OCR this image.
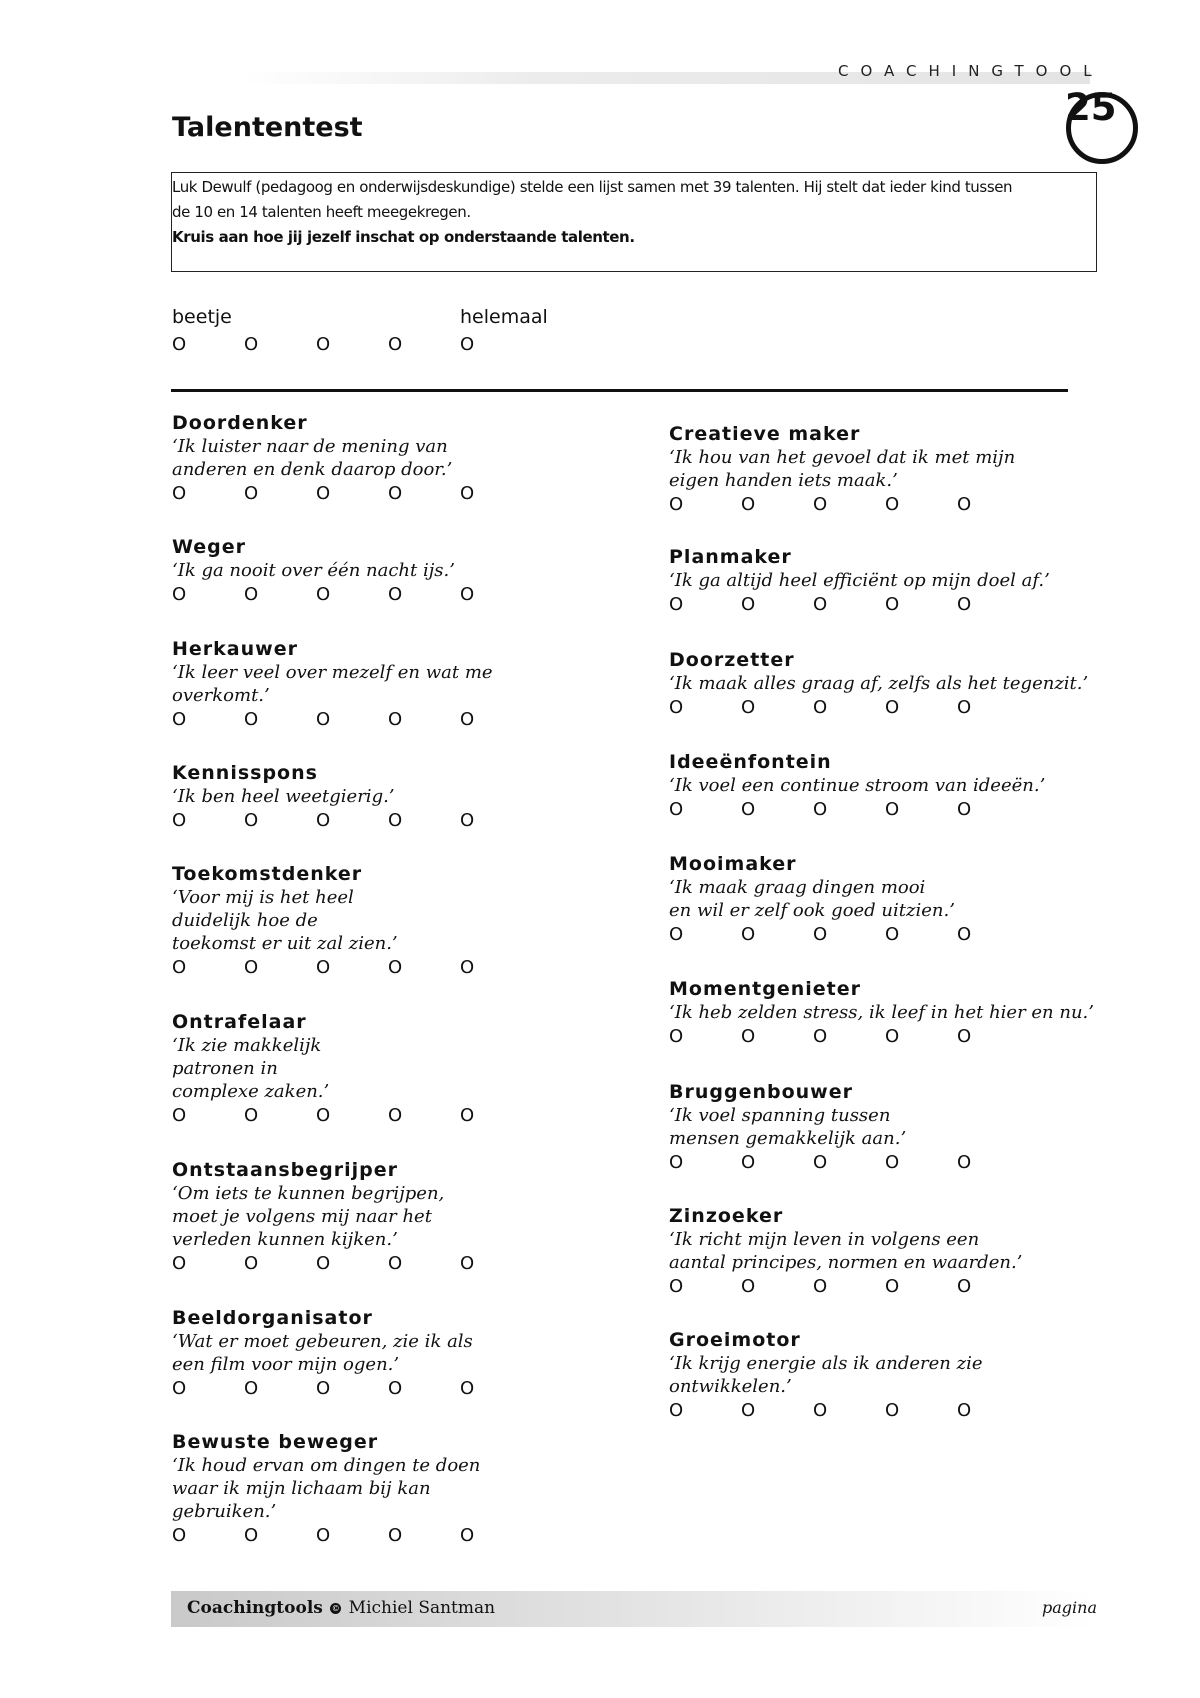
COACHINGTOOL
Talententest	25

Luk Dewulf (pedagoog en onderwijsdeskundige) stelde een lijst samen met 39 talenten. Hij stelt dat ieder kind tussen

de 10 en 14 talenten heeft meegekregen.

Kruis aan hoe jij jezelf inschat op onderstaande talenten.

beetje	helemaal
O	O	O	O	O
Doordenker

‘Ik luister naar de mening van
anderen en denk daarop door.’

O	O	O	O	O
Weger

‘Ik ga nooit over één nacht ijs.’

O	O	O	O	O
Herkauwer

‘Ik leer veel over mezelf en wat me
overkomt.’

O	O	O	O	O
Kennisspons

‘Ik ben heel weetgierig.’

O	O	O	O	O
Toekomstdenker

‘Voor mij is het heel
duidelijk hoe de
toekomst er uit zal zien.’

O	O	O	O	O
Ontrafelaar

‘Ik zie makkelijk
patronen in
complexe zaken.’

O	O	O	O	O
Ontstaansbegrijper

‘Om iets te kunnen begrijpen,
moet je volgens mij naar het
verleden kunnen kijken.’

O	O	O	O	O
Beeldorganisator

‘Wat er moet gebeuren, zie ik als
een film voor mijn ogen.’

O	O	O	O	O
Bewuste beweger

‘Ik houd ervan om dingen te doen
waar ik mijn lichaam bij kan
gebruiken.’

O	O	O	O	O
Creatieve maker

‘Ik hou van het gevoel dat ik met mijn
eigen handen iets maak.’

O	O	O	O	O
Planmaker

‘Ik ga altijd heel efficiënt op mijn doel af.’

O	O	O	O	O
Doorzetter

‘Ik maak alles graag af, zelfs als het tegenzit.’

O	O	O	O	O
Ideeënfontein

‘Ik voel een continue stroom van ideeën.’

O	O	O	O	O
Mooimaker

‘Ik maak graag dingen mooi
en wil er zelf ook goed uitzien.’

O	O	O	O	O
Momentgenieter

‘Ik heb zelden stress, ik leef in het hier en nu.’

O	O	O	O	O
Bruggenbouwer

‘Ik voel spanning tussen
mensen gemakkelijk aan.’

O	O	O	O	O
Zinzoeker

‘Ik richt mijn leven in volgens een
aantal principes, normen en waarden.’

O	O	O	O	O
Groeimotor

‘Ik krijg energie als ik anderen zie
ontwikkelen.’

O	O	O	O	O
Coachingtools © Michiel Santman	pagina
